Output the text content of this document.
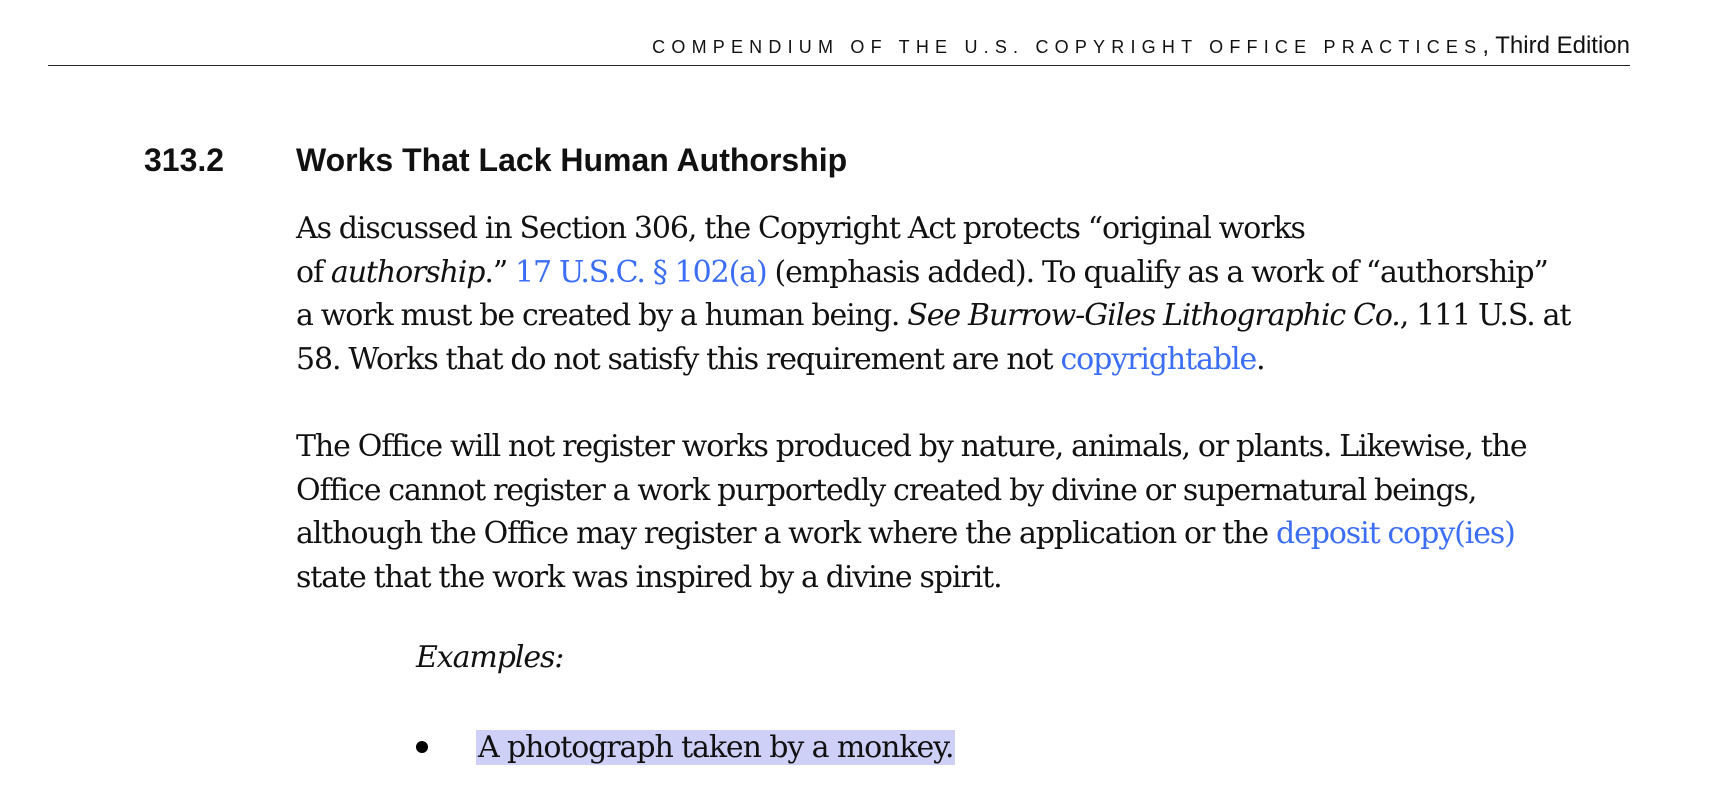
COMPENDIUM OF THE U.S. COPYRIGHT OFFICE PRACTICES, Third Edition
313.2 Works That Lack Human Authorship
As discussed in Section 306, the Copyright Act protects “original works
of authorship.” 17 U.S.C. § 102(a) (emphasis added). To qualify as a work of “authorship”
a work must be created by a human being. See Burrow-Giles Lithographic Co., 111 U.S. at
58. Works that do not satisfy this requirement are not copyrightable.
The Office will not register works produced by nature, animals, or plants. Likewise, the
Office cannot register a work purportedly created by divine or supernatural beings,
although the Office may register a work where the application or the deposit copy(ies)
state that the work was inspired by a divine spirit.
Examples:
A photograph taken by a monkey.
